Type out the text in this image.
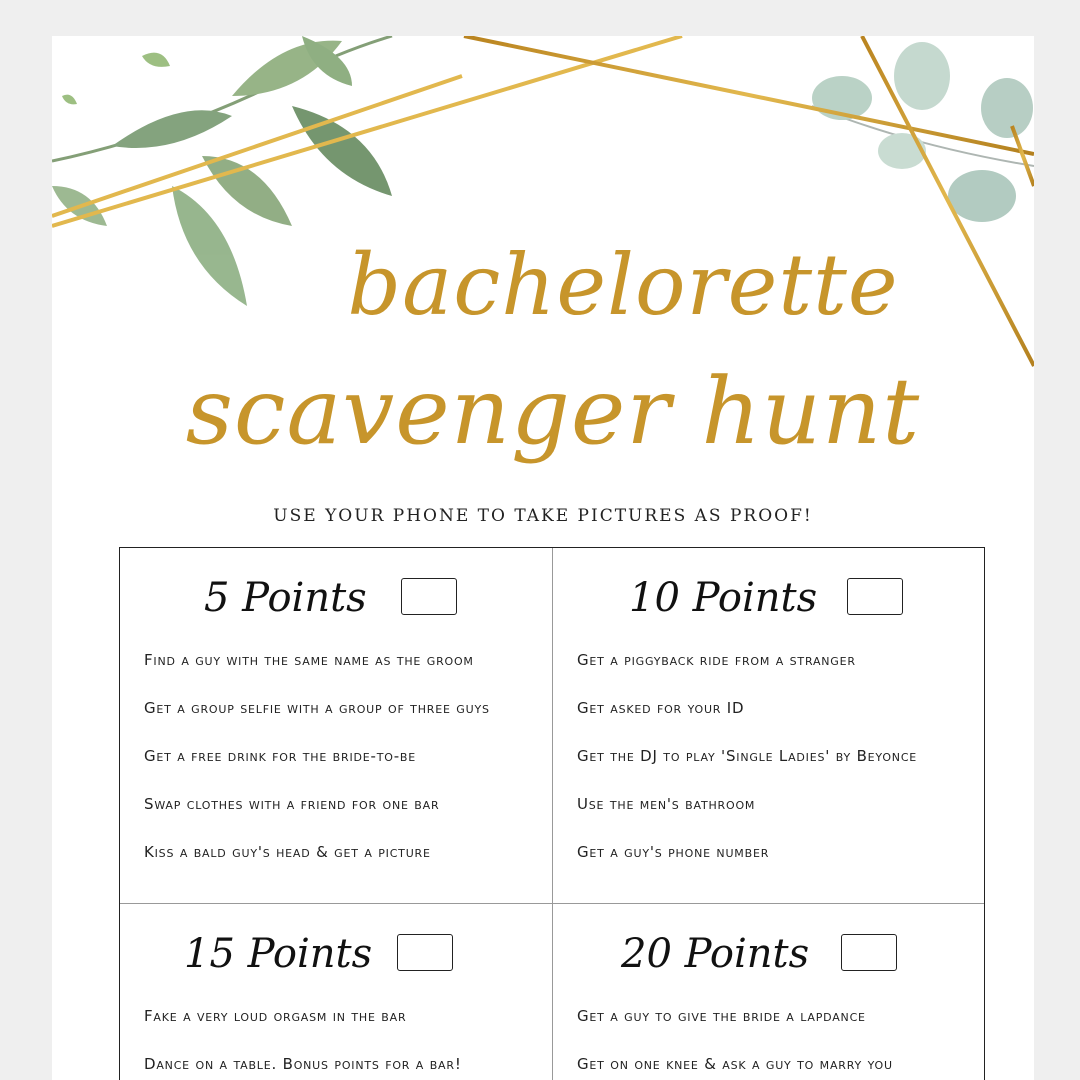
bachelorette
scavenger hunt
USE YOUR PHONE TO TAKE PICTURES AS PROOF!
5 Points
Find a guy with the same name as the groom
Get a group selfie with a group of three guys
Get a free drink for the bride-to-be
Swap clothes with a friend for one bar
Kiss a bald guy's head & get a picture
10 Points
Get a piggyback ride from a stranger
Get asked for your ID
Get the DJ to play 'Single Ladies' by Beyonce
Use the men's bathroom
Get a guy's phone number
15 Points
Fake a very loud orgasm in the bar
Dance on a table. Bonus points for a bar!
20 Points
Get a guy to give the bride a lapdance
Get on one knee & ask a guy to marry you
